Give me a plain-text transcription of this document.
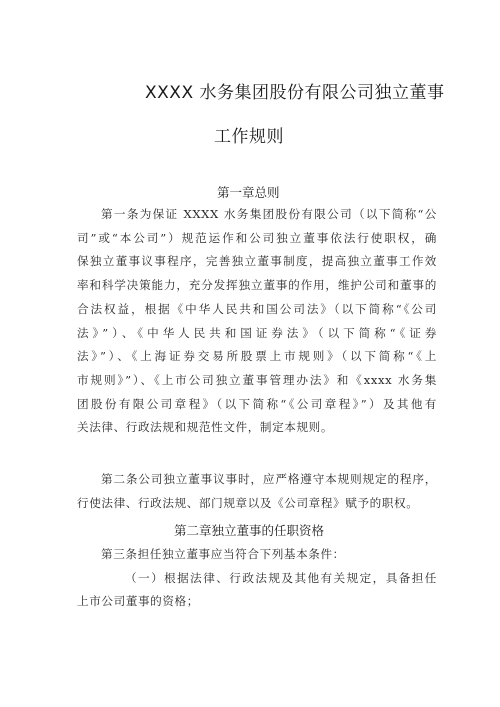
XXXX 水务集团股份有限公司独立董事
工作规则
第一章总则
第一条为保证 XXXX 水务集团股份有限公司（以下简称“公
司”或“本公司”）规范运作和公司独立董事依法行使职权，确
保独立董事议事程序，完善独立董事制度，提高独立董事工作效
率和科学决策能力，充分发挥独立董事的作用，维护公司和董事的
合法权益，根据《中华人民共和国公司法》（以下简称“《公司
法》”）、《中华人民共和国证券法》（以下简称“《证券
法》”）、《上海证券交易所股票上市规则》（以下简称“《上
市规则》”）、《上市公司独立董事管理办法》和《xxxx 水务集
团股份有限公司章程》（以下简称“《公司章程》”）及其他有
关法律、行政法规和规范性文件，制定本规则。
第二条公司独立董事议事时，应严格遵守本规则规定的程序，
行使法律、行政法规、部门规章以及《公司章程》赋予的职权。
第二章独立董事的任职资格
第三条担任独立董事应当符合下列基本条件：
（一）根据法律、行政法规及其他有关规定，具备担任
上市公司董事的资格；
